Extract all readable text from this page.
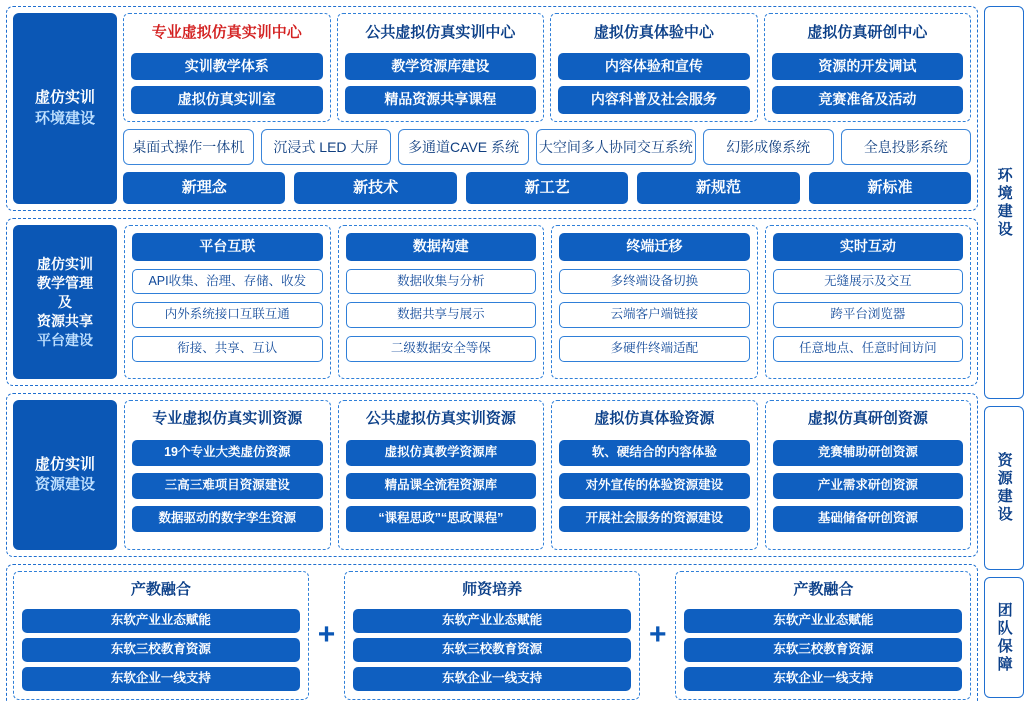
虚仿实训
环境建设
专业虚拟仿真实训中心
实训教学体系
虚拟仿真实训室
公共虚拟仿真实训中心
教学资源库建设
精品资源共享课程
虚拟仿真体验中心
内容体验和宣传
内容科普及社会服务
虚拟仿真研创中心
资源的开发调试
竞赛准备及活动
桌面式操作一体机	沉浸式 LED 大屏	多通道CAVE 系统	大空间多人协同交互系统	幻影成像系统	全息投影系统
新理念	新技术	新工艺	新规范	新标准
虚仿实训
教学管理
及
资源共享
平台建设
平台互联
API收集、治理、存储、收发
内外系统接口互联互通
衔接、共享、互认
数据构建
数据收集与分析
数据共享与展示
二级数据安全等保
终端迁移
多终端设备切换
云端客户端链接
多硬件终端适配
实时互动
无缝展示及交互
跨平台浏览器
任意地点、任意时间访问
虚仿实训
资源建设
专业虚拟仿真实训资源
19个专业大类虚仿资源
三高三难项目资源建设
数据驱动的数字孪生资源
公共虚拟仿真实训资源
虚拟仿真教学资源库
精品课全流程资源库
“课程思政”“思政课程”
虚拟仿真体验资源
软、硬结合的内容体验
对外宣传的体验资源建设
开展社会服务的资源建设
虚拟仿真研创资源
竞赛辅助研创资源
产业需求研创资源
基础储备研创资源
产教融合
东软产业业态赋能
东软三校教育资源
东软企业一线支持
+
师资培养
东软产业业态赋能
东软三校教育资源
东软企业一线支持
+
产教融合
东软产业业态赋能
东软三校教育资源
东软企业一线支持
环境建设
资源建设
团队保障
